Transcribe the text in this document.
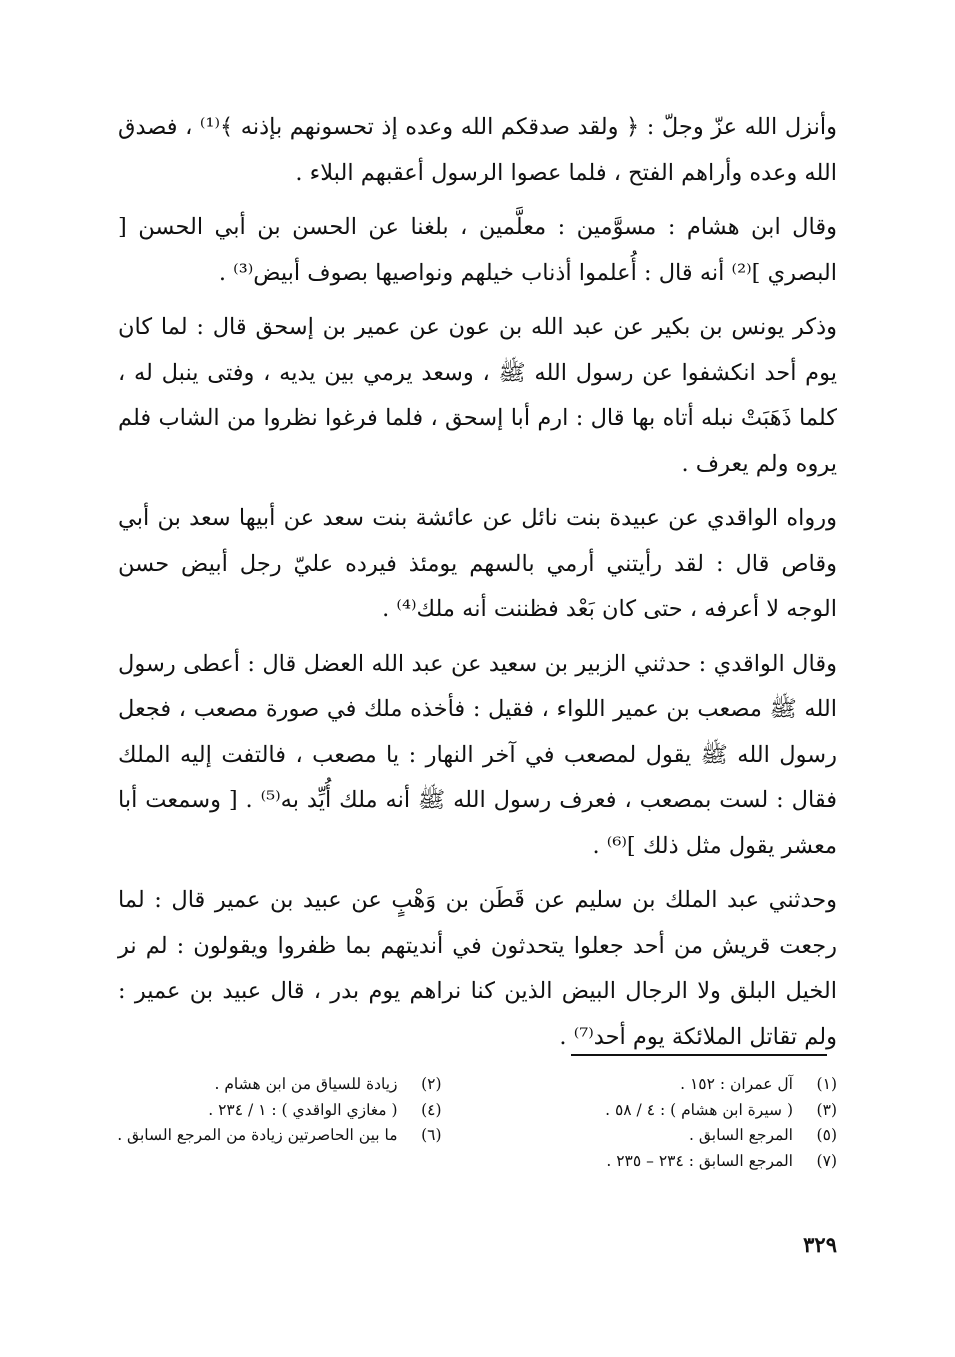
وأنزل الله عزّ وجلّ : ﴿ ولقد صدقكم الله وعده إذ تحسونهم بإذنه ﴾⁽¹⁾ ، فصدق الله وعده وأراهم الفتح ، فلما عصوا الرسول أعقبهم البلاء .

وقال ابن هشام : مسوَّمين : معلَّمين ، بلغنا عن الحسن بن أبي الحسن [ البصري ]⁽²⁾ أنه قال : أُعلموا أذناب خيلهم ونواصيها بصوف أبيض⁽³⁾ .

وذكر يونس بن بكير عن عبد الله بن عون عن عمير بن إسحق قال : لما كان يوم أحد انكشفوا عن رسول الله ﷺ ، وسعد يرمي بين يديه ، وفتى ينبل له ، كلما ذَهَبَتْ نبله أتاه بها قال : ارم أبا إسحق ، فلما فرغوا نظروا من الشاب فلم يروه ولم يعرف .

ورواه الواقدي عن عبيدة بنت نائل عن عائشة بنت سعد عن أبيها سعد بن أبي وقاص قال : لقد رأيتني أرمي بالسهم يومئذ فيرده عليّ رجل أبيض حسن الوجه لا أعرفه ، حتى كان بَعْد فظننت أنه ملك⁽⁴⁾ .

وقال الواقدي : حدثني الزبير بن سعيد عن عبد الله العضل قال : أعطى رسول الله ﷺ مصعب بن عمير اللواء ، فقيل : فأخذه ملك في صورة مصعب ، فجعل رسول الله ﷺ يقول لمصعب في آخر النهار : يا مصعب ، فالتفت إليه الملك فقال : لست بمصعب ، فعرف رسول الله ﷺ أنه ملك أُيِّد به⁽⁵⁾ . [ وسمعت أبا معشر يقول مثل ذلك ]⁽⁶⁾ .

وحدثني عبد الملك بن سليم عن قَطَن بن وَهْبٍ عن عبيد بن عمير قال : لما رجعت قريش من أحد جعلوا يتحدثون في أنديتهم بما ظفروا ويقولون : لم نر الخيل البلق ولا الرجال البيض الذين كنا نراهم يوم بدر ، قال عبيد بن عمير : ولم تقاتل الملائكة يوم أحد⁽⁷⁾ .

(١)
آل عمران : ١٥٢ .
(٣)
( سيرة ابن هشام ) : ٤ / ٥٨ .
(٥)
المرجع السابق .
(٧)
المرجع السابق : ٢٣٤ – ٢٣٥ .
(٢)
زيادة للسياق من ابن هشام .
(٤)
( مغازي الواقدي ) : ١ / ٢٣٤ .
(٦)
ما بين الحاصرتين زيادة من المرجع السابق .
٣٢٩
